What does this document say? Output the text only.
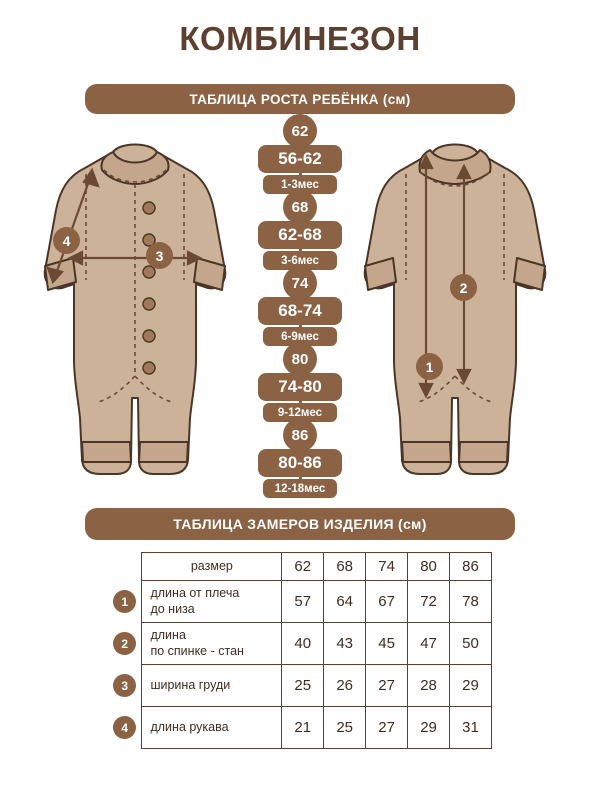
КОМБИНЕЗОН
ТАБЛИЦА РОСТА РЕБЁНКА (см)
3
4
2
1
62
56-62
1-3мес
68
62-68
3-6мес
74
68-74
6-9мес
80
74-80
9-12мес
86
80-86
12-18мес
ТАБЛИЦА ЗАМЕРОВ ИЗДЕЛИЯ (см)
	размер	62	68	74	80	86

1	длина от плеча
до низа	57	64	67	72	78

2	длина
по спинке - стан	40	43	45	47	50

3	ширина груди	25	26	27	28	29

4	длина рукава	21	25	27	29	31
